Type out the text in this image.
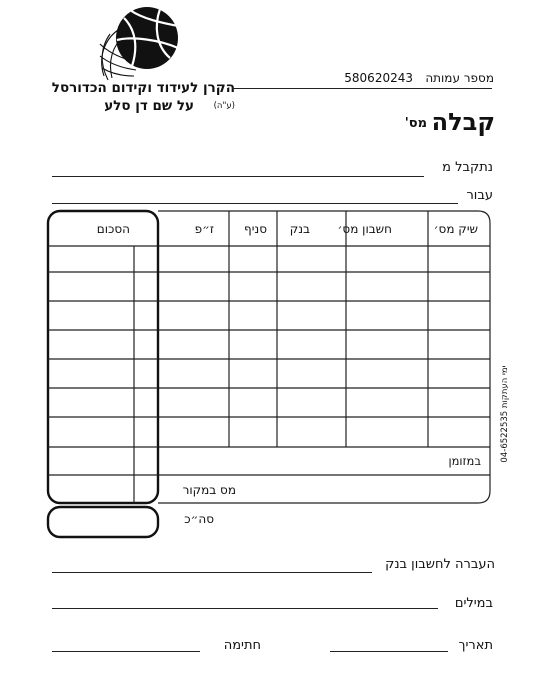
הקרן לעידוד וקידום הכדורסל
על שם דן סלע (ע"ה)
מספר עמותה
580620243
קבלה
מס'
נתקבל מ
עבור
שיק מס׳
חשבון מס׳
בנק
סניף
ז״פ
הסכום
במזומן
מס במקור
סה״כ
ימי העתקות 04-6522535
העברה לחשבון בנק
במילים
תאריך
חתימה
